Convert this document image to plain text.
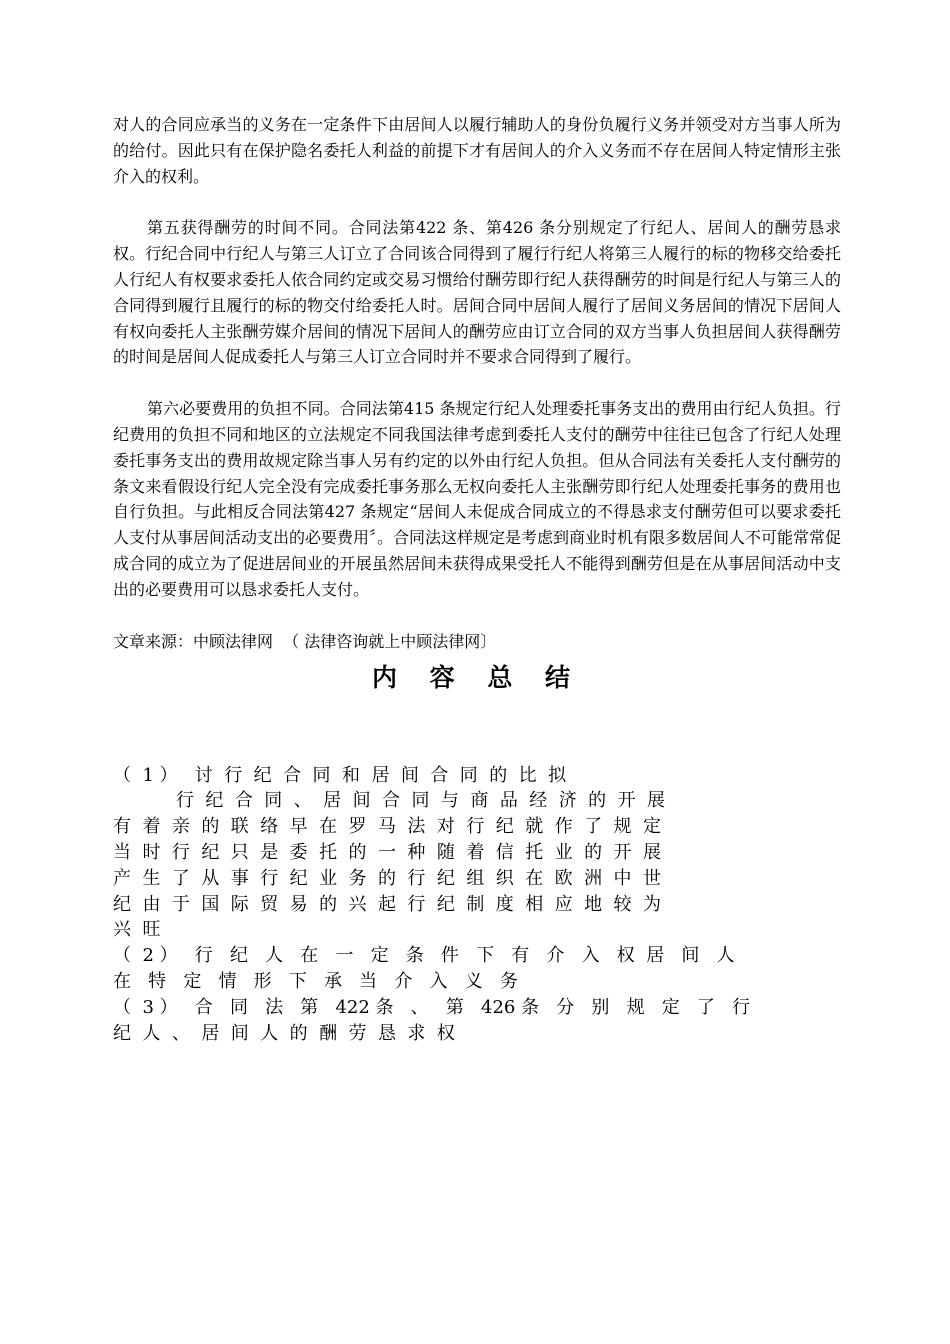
对人的合同应承当的义务在一定条件下由居间人以履行辅助人的身份负履行义务并领受对方当事人所为的给付。因此只有在保护隐名委托人利益的前提下才有居间人的介入义务而不存在居间人特定情形主张介入的权利。

第五获得酬劳的时间不同。合同法第422 条、第426 条分别规定了行纪人、居间人的酬劳恳求权。行纪合同中行纪人与第三人订立了合同该合同得到了履行行纪人将第三人履行的标的物移交给委托人行纪人有权要求委托人依合同约定或交易习惯给付酬劳即行纪人获得酬劳的时间是行纪人与第三人的合同得到履行且履行的标的物交付给委托人时。居间合同中居间人履行了居间义务居间的情况下居间人有权向委托人主张酬劳媒介居间的情况下居间人的酬劳应由订立合同的双方当事人负担居间人获得酬劳的时间是居间人促成委托人与第三人订立合同时并不要求合同得到了履行。

第六必要费用的负担不同。合同法第415 条规定行纪人处理委托事务支出的费用由行纪人负担。行纪费用的负担不同和地区的立法规定不同我国法律考虑到委托人支付的酬劳中往往已包含了行纪人处理委托事务支出的费用故规定除当事人另有约定的以外由行纪人负担。但从合同法有关委托人支付酬劳的条文来看假设行纪人完全没有完成委托事务那么无权向委托人主张酬劳即行纪人处理委托事务的费用也自行负担。与此相反合同法第427 条规定“居间人未促成合同成立的不得恳求支付酬劳但可以要求委托人支付从事居间活动支出的必要费用〞。合同法这样规定是考虑到商业时机有限多数居间人不可能常常促成合同的成立为了促进居间业的开展虽然居间未获得成果受托人不能得到酬劳但是在从事居间活动中支出的必要费用可以恳求委托人支付。

文章来源：中顾法律网  （ 法律咨询就上中顾法律网〕

内 容 总 结

（  1 ）   讨  行  纪  合  同  和  居  间  合  同  的  比  拟

行  纪  合  同  、  居  间  合  同  与  商  品  经  济  的  开  展

有  着  亲  的  联  络  早  在  罗  马  法  对  行  纪  就  作  了  规  定

当  时  行  纪  只  是  委  托  的  一  种  随  着  信  托  业  的  开  展

产  生  了  从  事  行  纪  业  务  的  行  纪  组  织  在  欧  洲  中  世

纪  由  于  国  际  贸  易  的  兴  起  行  纪  制  度  相  应  地  较  为

兴  旺

（  2 ）   行   纪   人   在   一   定   条   件   下   有   介   入   权  居   间   人

在   特   定   情   形   下   承   当   介   入   义   务

（  3 ）   合   同   法   第   422 条   、   第   426 条   分   别   规   定   了   行

纪  人  、  居  间  人  的  酬  劳  恳  求  权
